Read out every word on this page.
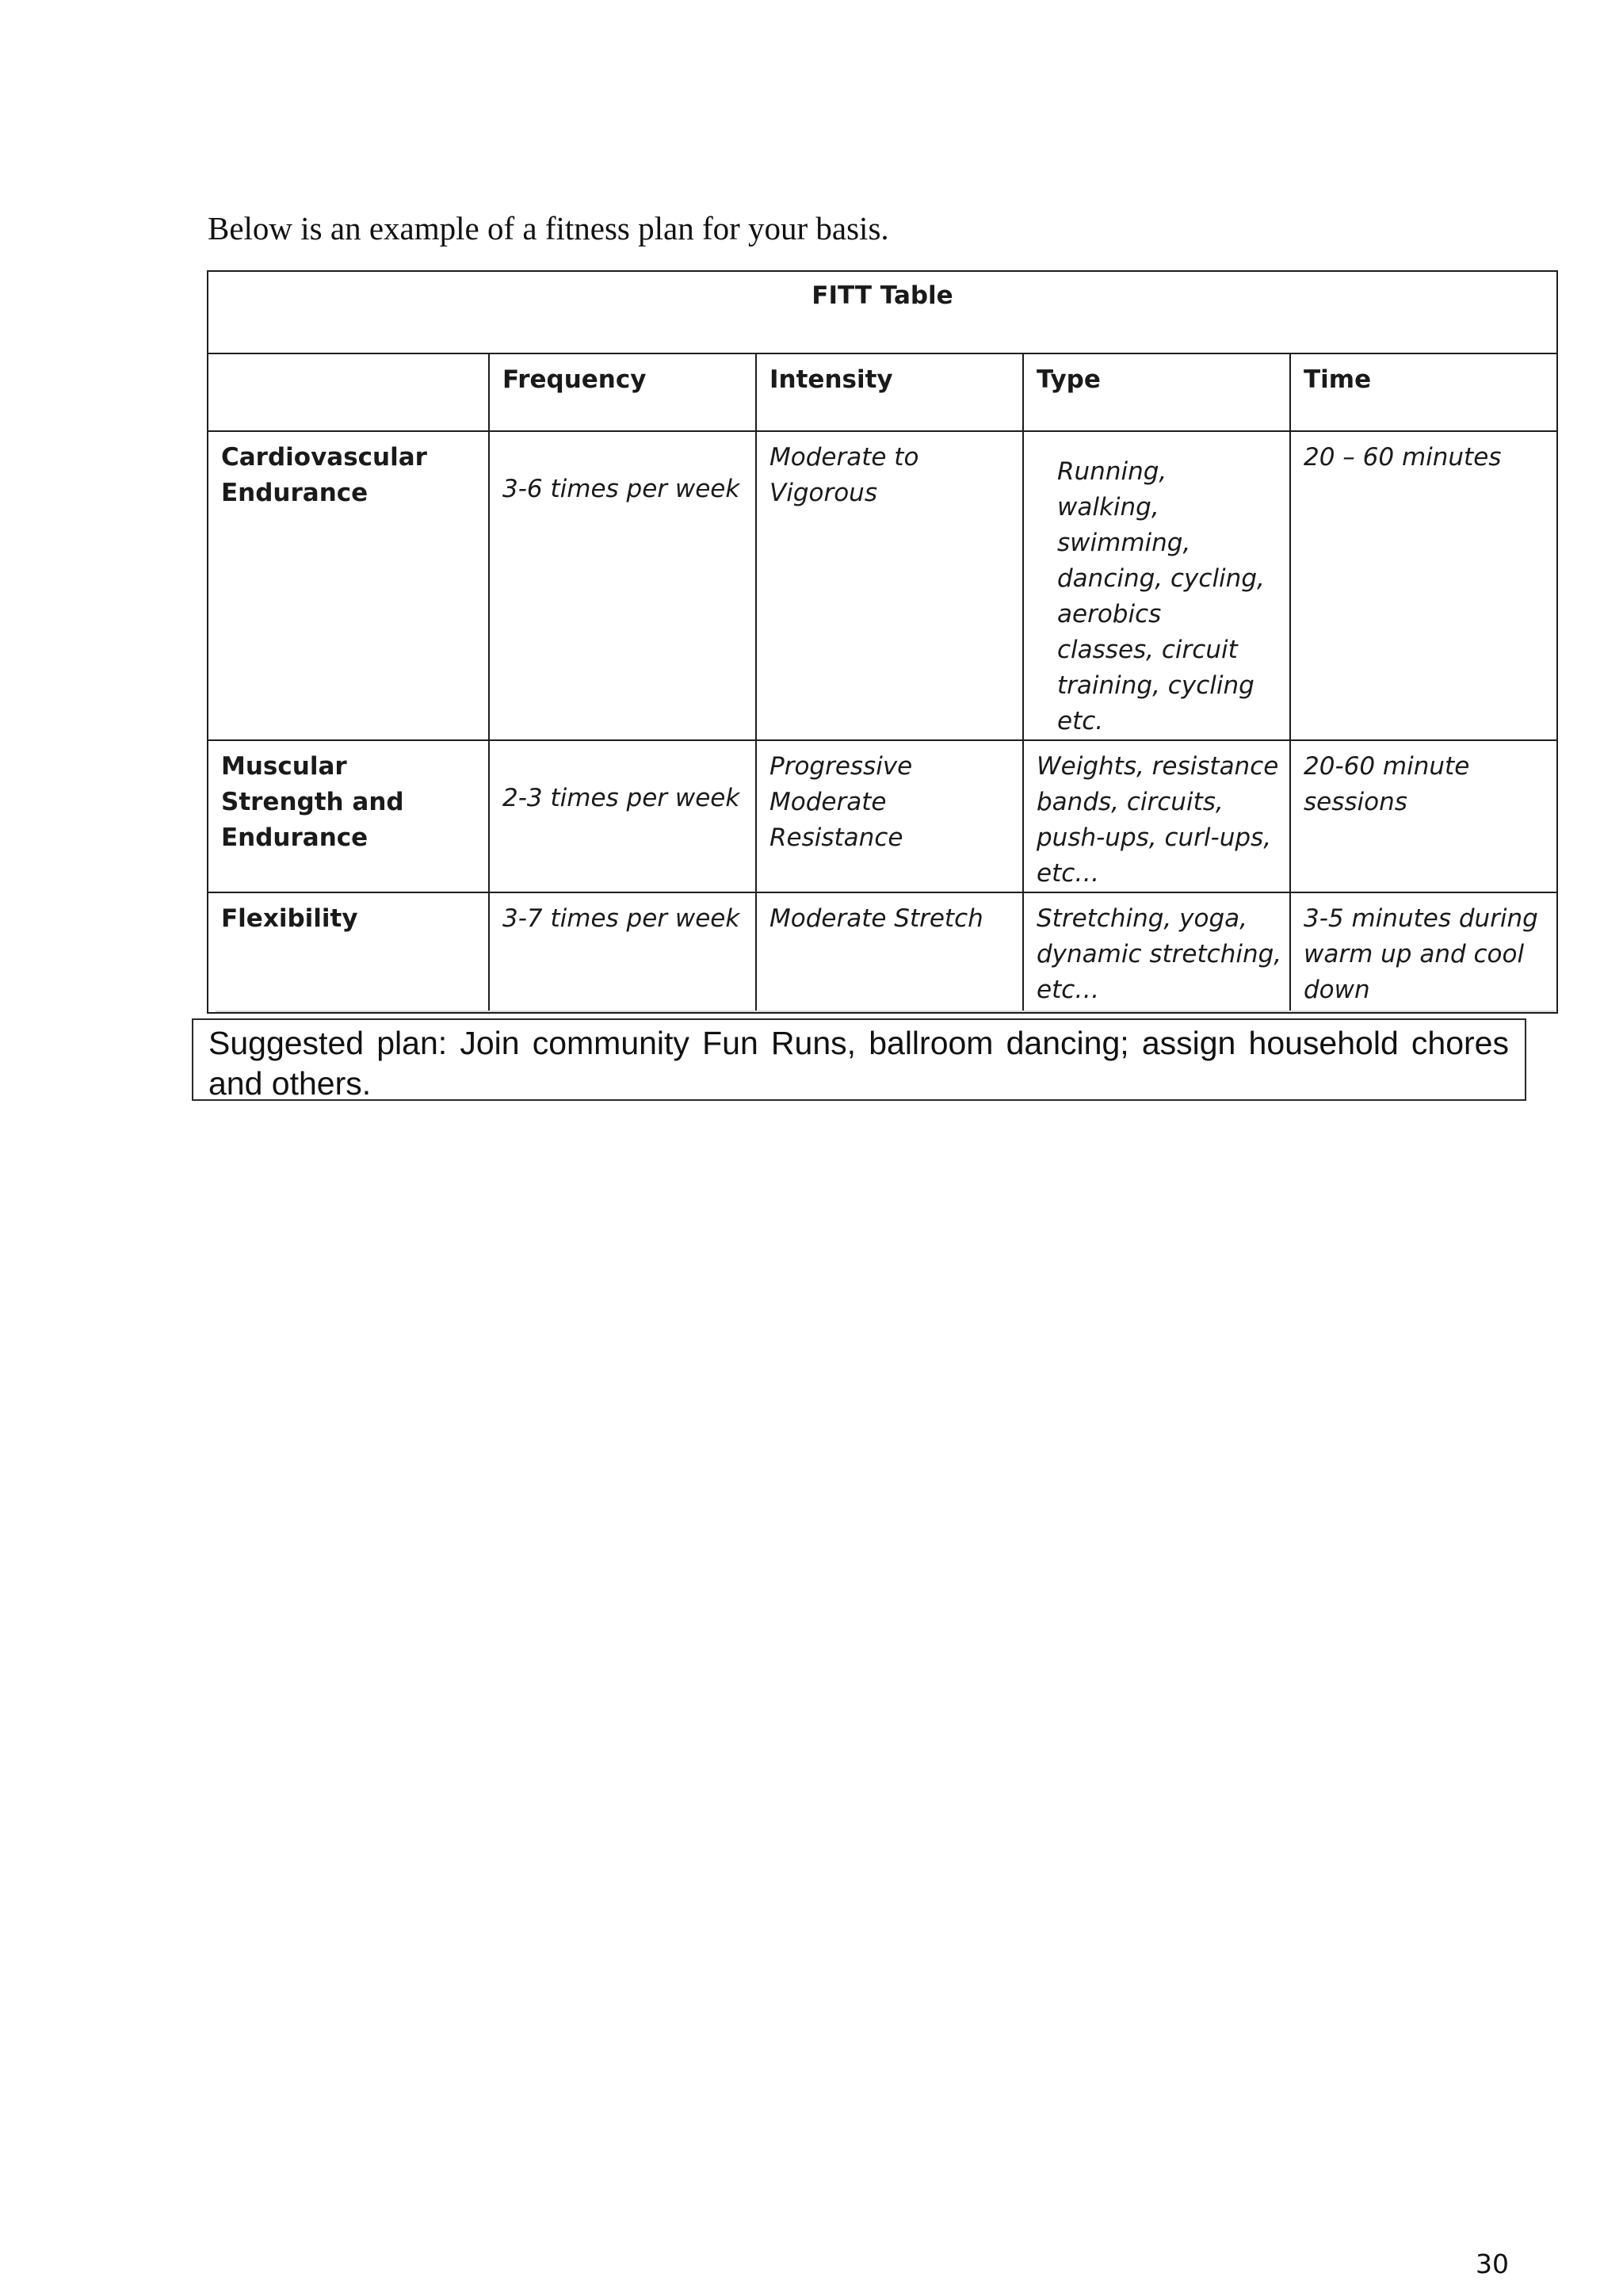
Below is an example of a fitness plan for your basis.
FITT Table				
	Frequency	Intensity	Type	Time
Cardiovascular Endurance	3-6 times per week	Moderate to Vigorous	Running, walking, swimming, dancing, cycling, aerobics classes, circuit training, cycling etc.	20 – 60 minutes
Muscular Strength and Endurance	2-3 times per week	Progressive Moderate Resistance	Weights, resistance bands, circuits, push-ups, curl-ups, etc…	20-60 minute sessions
Flexibility	3-7 times per week	Moderate Stretch	Stretching, yoga, dynamic stretching, etc…	3-5 minutes during warm up and cool down
Suggested plan: Join community Fun Runs, ballroom dancing; assign household chores and others.
30
